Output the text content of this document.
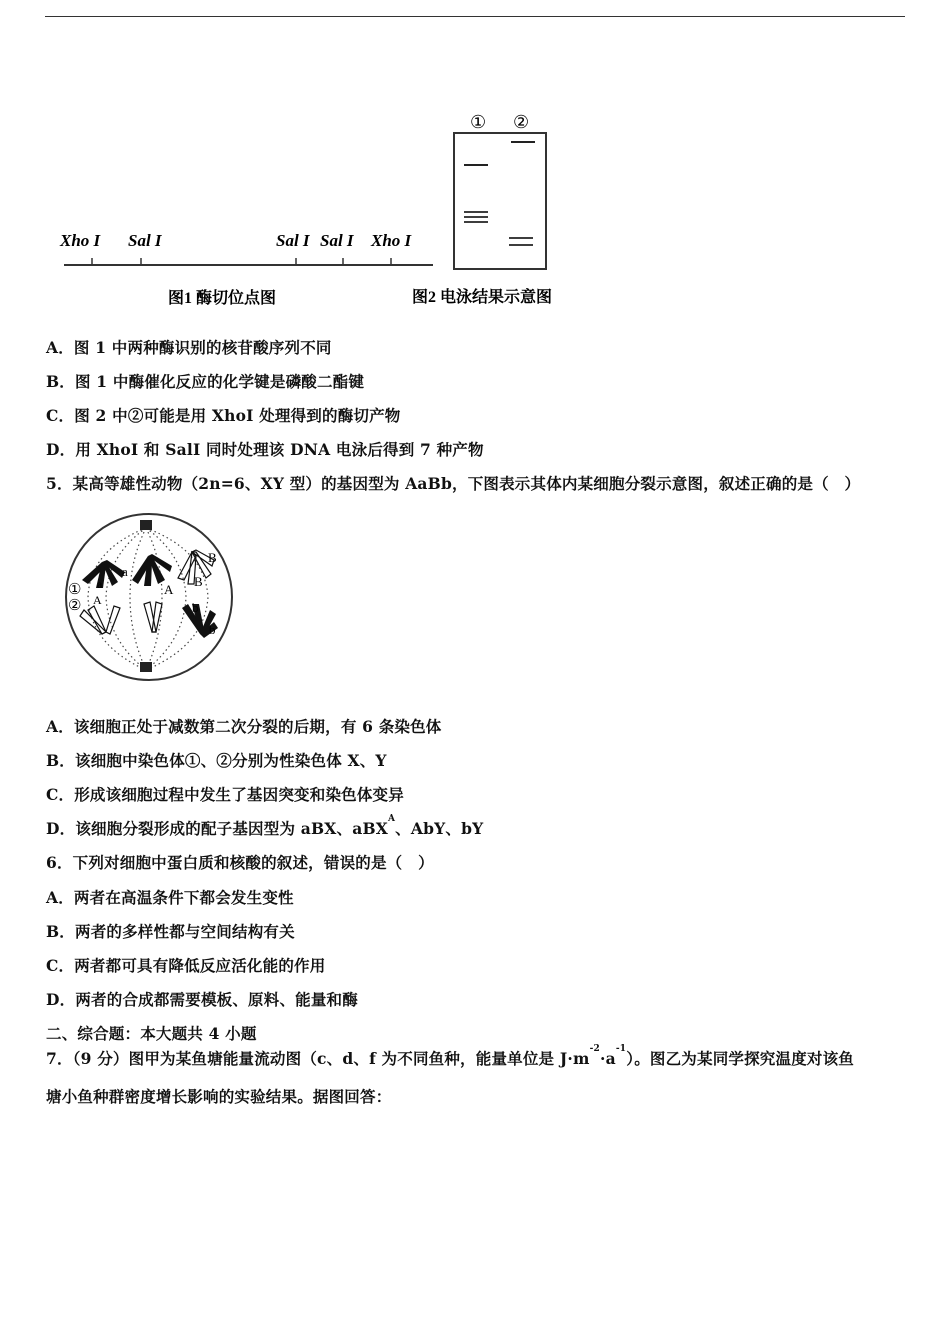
Xho I Sal I	Sal I Sal I Xho I
图1 酶切位点图
① ②
图2 电泳结果示意图
A．图 1 中两种酶识别的核苷酸序列不同
B．图 1 中酶催化反应的化学键是磷酸二酯键
C．图 2 中②可能是用 XhoI 处理得到的酶切产物
D．用 XhoI 和 SalI 同时处理该 DNA 电泳后得到 7 种产物
5．某高等雄性动物（2n=6、XY 型）的基因型为 AaBb，下图表示其体内某细胞分裂示意图，叙述正确的是（　）
①
②
a
A
a
A
B
B
b
b
A．该细胞正处于减数第二次分裂的后期，有 6 条染色体
B．该细胞中染色体①、②分别为性染色体 X、Y
C．形成该细胞过程中发生了基因突变和染色体变异
D．该细胞分裂形成的配子基因型为 aBX、aBX$^A$、AbY、bY
6．下列对细胞中蛋白质和核酸的叙述，错误的是（　）
A．两者在高温条件下都会发生变性
B．两者的多样性都与空间结构有关
C．两者都可具有降低反应活化能的作用
D．两者的合成都需要模板、原料、能量和酶
二、综合题：本大题共 4 小题
7．（9 分）图甲为某鱼塘能量流动图（c、d、f 为不同鱼种，能量单位是 $J\cdot m^{-2}\cdot a^{-1}$）。图乙为某同学探究温度对该鱼
塘小鱼种群密度增长影响的实验结果。据图回答：
